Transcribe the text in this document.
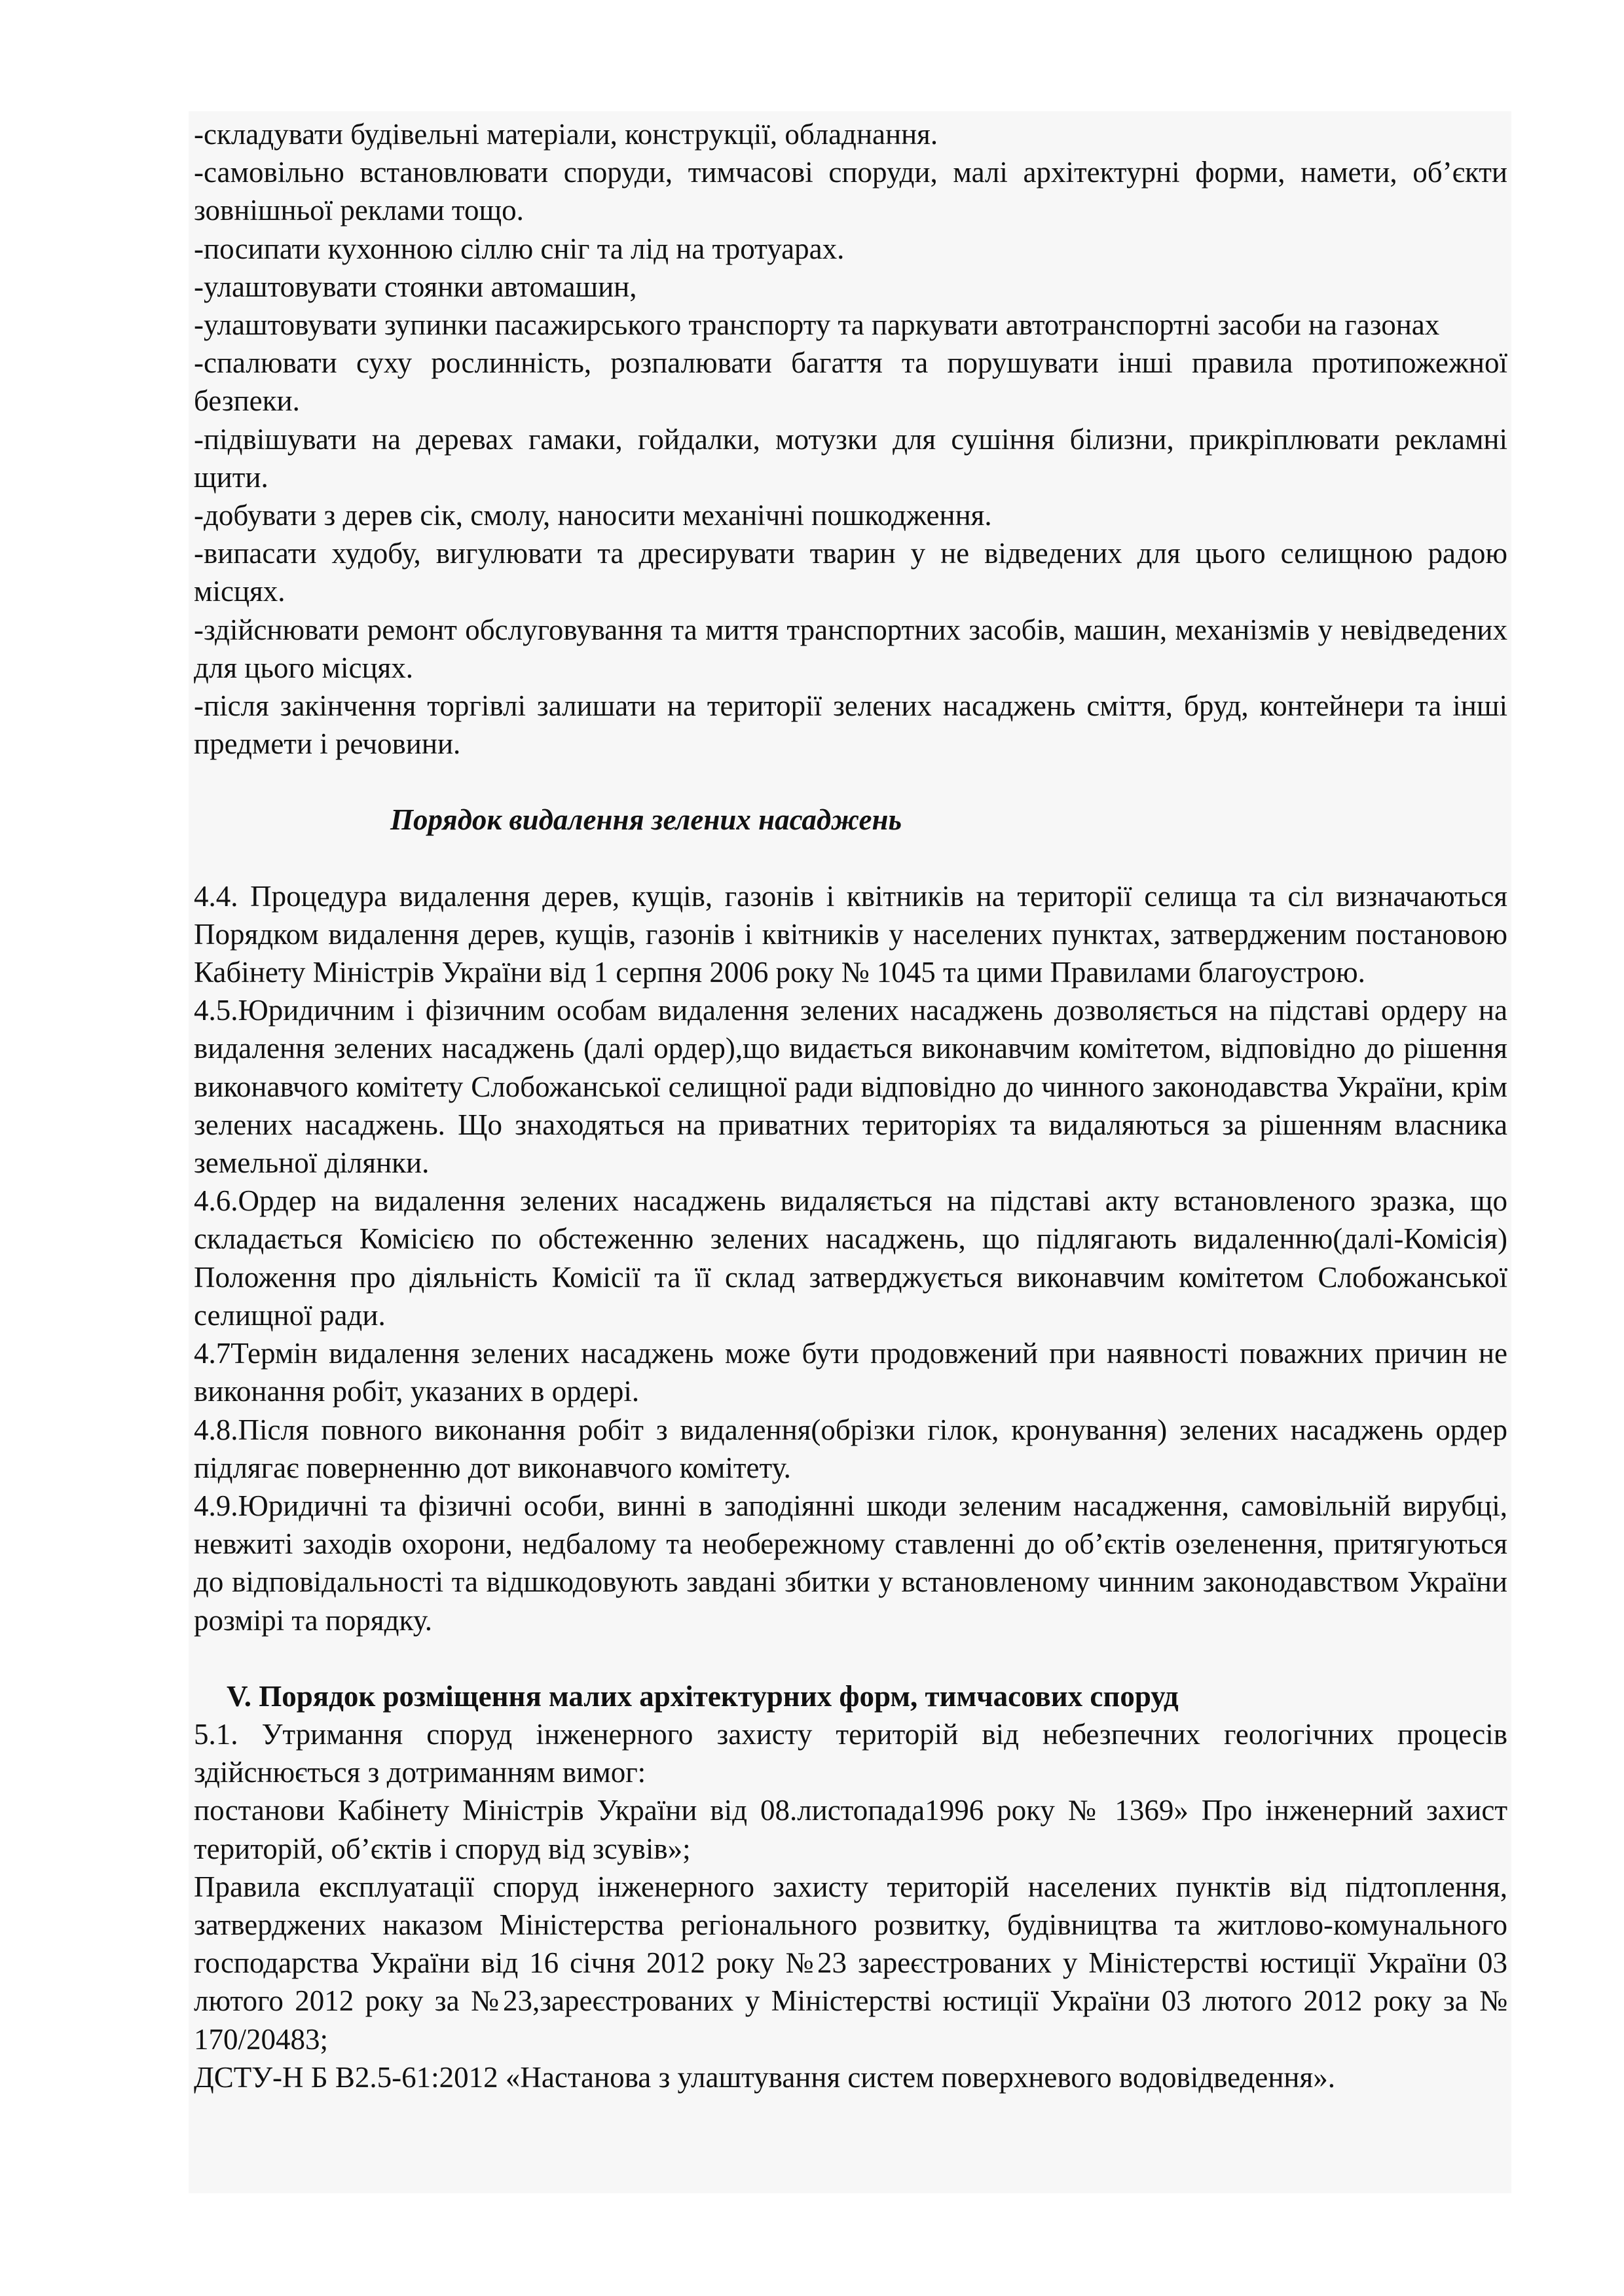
-складувати будівельні матеріали, конструкції, обладнання.

-самовільно встановлювати споруди, тимчасові споруди, малі архітектурні форми, намети, об’єкти зовнішньої реклами тощо.

-посипати кухонною сіллю сніг та лід на тротуарах.

-улаштовувати стоянки автомашин,

-улаштовувати зупинки пасажирського транспорту та паркувати автотранспортні засоби на газонах

-спалювати суху рослинність, розпалювати багаття та порушувати інші правила протипожежної безпеки.

-підвішувати на деревах гамаки, гойдалки, мотузки для сушіння білизни, прикріплювати рекламні щити.

-добувати з дерев сік, смолу, наносити механічні пошкодження.

-випасати худобу, вигулювати та дресирувати тварин у не відведених для цього селищною радою місцях.

-здійснювати ремонт обслуговування та миття транспортних засобів, машин, механізмів у невідведених для цього місцях.

-після закінчення торгівлі залишати на території зелених насаджень сміття, бруд, контейнери та інші предмети і речовини.

Порядок видалення зелених насаджень

4.4. Процедура видалення дерев, кущів, газонів і квітників на території селища та сіл визначаються Порядком видалення дерев, кущів, газонів і квітників у населених пунктах, затвердженим постановою Кабінету Міністрів України від 1 серпня 2006 року № 1045 та цими Правилами благоустрою.

4.5.Юридичним і фізичним особам видалення зелених насаджень дозволяється на підставі ордеру на видалення зелених насаджень (далі ордер),що видається виконавчим комітетом, відповідно до рішення виконавчого комітету Слобожанської селищної ради відповідно до чинного законодавства України, крім зелених насаджень. Що знаходяться на приватних територіях та видаляються за рішенням власника земельної ділянки.

4.6.Ордер на видалення зелених насаджень видаляється на підставі акту встановленого зразка, що складається Комісією по обстеженню зелених насаджень, що підлягають видаленню(далі-Комісія) Положення про діяльність Комісії та її склад затверджується виконавчим комітетом Слобожанської селищної ради.

4.7Термін видалення зелених насаджень може бути продовжений при наявності поважних причин не виконання робіт, указаних в ордері.

4.8.Після повного виконання робіт з видалення(обрізки гілок, кронування) зелених насаджень ордер підлягає поверненню дот виконавчого комітету.

4.9.Юридичні та фізичні особи, винні в заподіянні шкоди зеленим насадження, самовільній вирубці, невжиті заходів охорони, недбалому та необережному ставленні до об’єктів озеленення, притягуються до відповідальності та відшкодовують завдані збитки у встановленому чинним законодавством України розмірі та порядку.

V. Порядок розміщення малих архітектурних форм, тимчасових споруд

5.1. Утримання споруд інженерного захисту територій від небезпечних геологічних процесів здійснюється з дотриманням вимог:

постанови Кабінету Міністрів України від 08.листопада1996 року № 1369» Про інженерний захист територій, об’єктів і споруд від зсувів»;

Правила експлуатації споруд інженерного захисту територій населених пунктів від підтоплення, затверджених наказом Міністерства регіонального розвитку, будівництва та житлово-комунального господарства України від 16 січня 2012 року №23 зареєстрованих у Міністерстві юстиції України 03 лютого 2012 року за №23,зареєстрованих у Міністерстві юстиції України 03 лютого 2012 року за № 170/20483;

ДСТУ-Н Б В2.5-61:2012 «Настанова з улаштування систем поверхневого водовідведення».
